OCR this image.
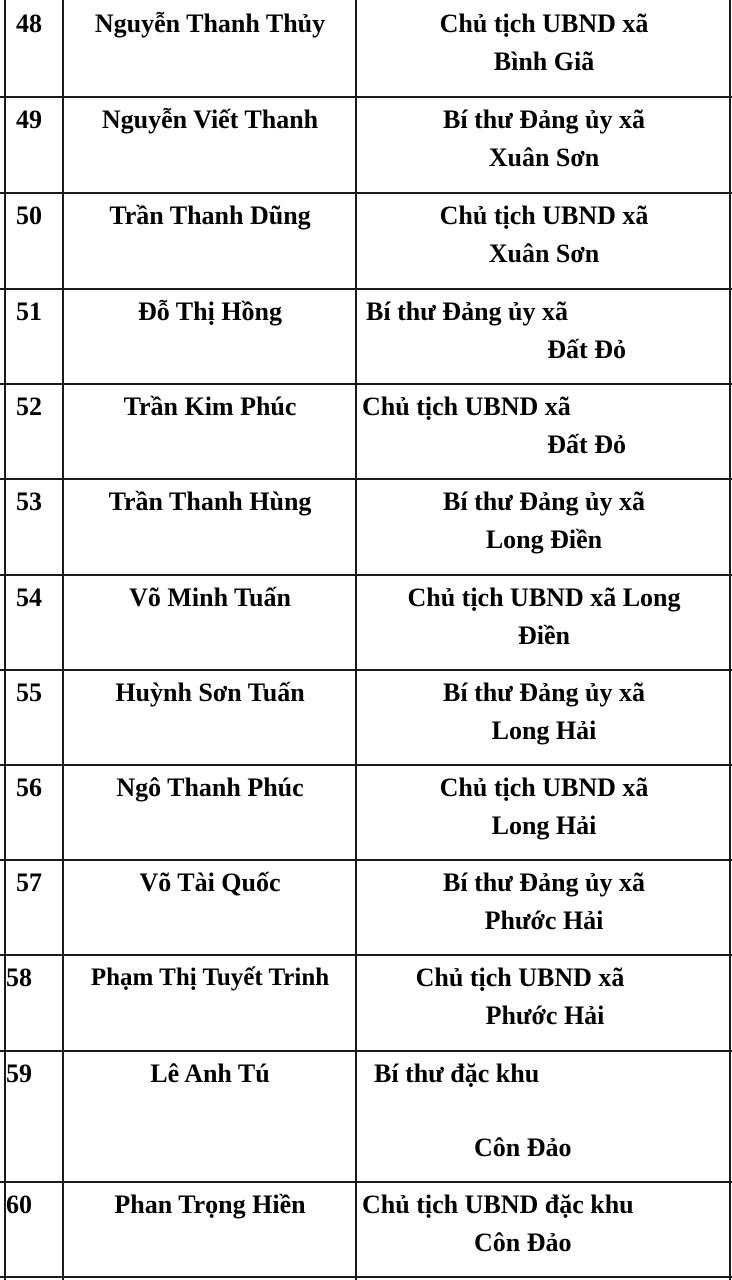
48	Nguyễn Thanh Thủy	Chủ tịch UBND xã
Bình Giã
49	Nguyễn Viết Thanh	Bí thư Đảng ủy xã
Xuân Sơn
50	Trần Thanh Dũng	Chủ tịch UBND xã
Xuân Sơn
51	Đỗ Thị Hồng	Bí thư Đảng ủy xã
Đất Đỏ
52	Trần Kim Phúc	Chủ tịch UBND xã
Đất Đỏ
53	Trần Thanh Hùng	Bí thư Đảng ủy xã
Long Điền
54	Võ Minh Tuấn	Chủ tịch UBND xã Long
Điền
55	Huỳnh Sơn Tuấn	Bí thư Đảng ủy xã
Long Hải
56	Ngô Thanh Phúc	Chủ tịch UBND xã
Long Hải
57	Võ Tài Quốc	Bí thư Đảng ủy xã
Phước Hải
58	Phạm Thị Tuyết Trinh	Chủ tịch UBND xã
Phước Hải
59	Lê Anh Tú	Bí thư đặc khu
Côn Đảo
60	Phan Trọng Hiền	Chủ tịch UBND đặc khu
Côn Đảo
